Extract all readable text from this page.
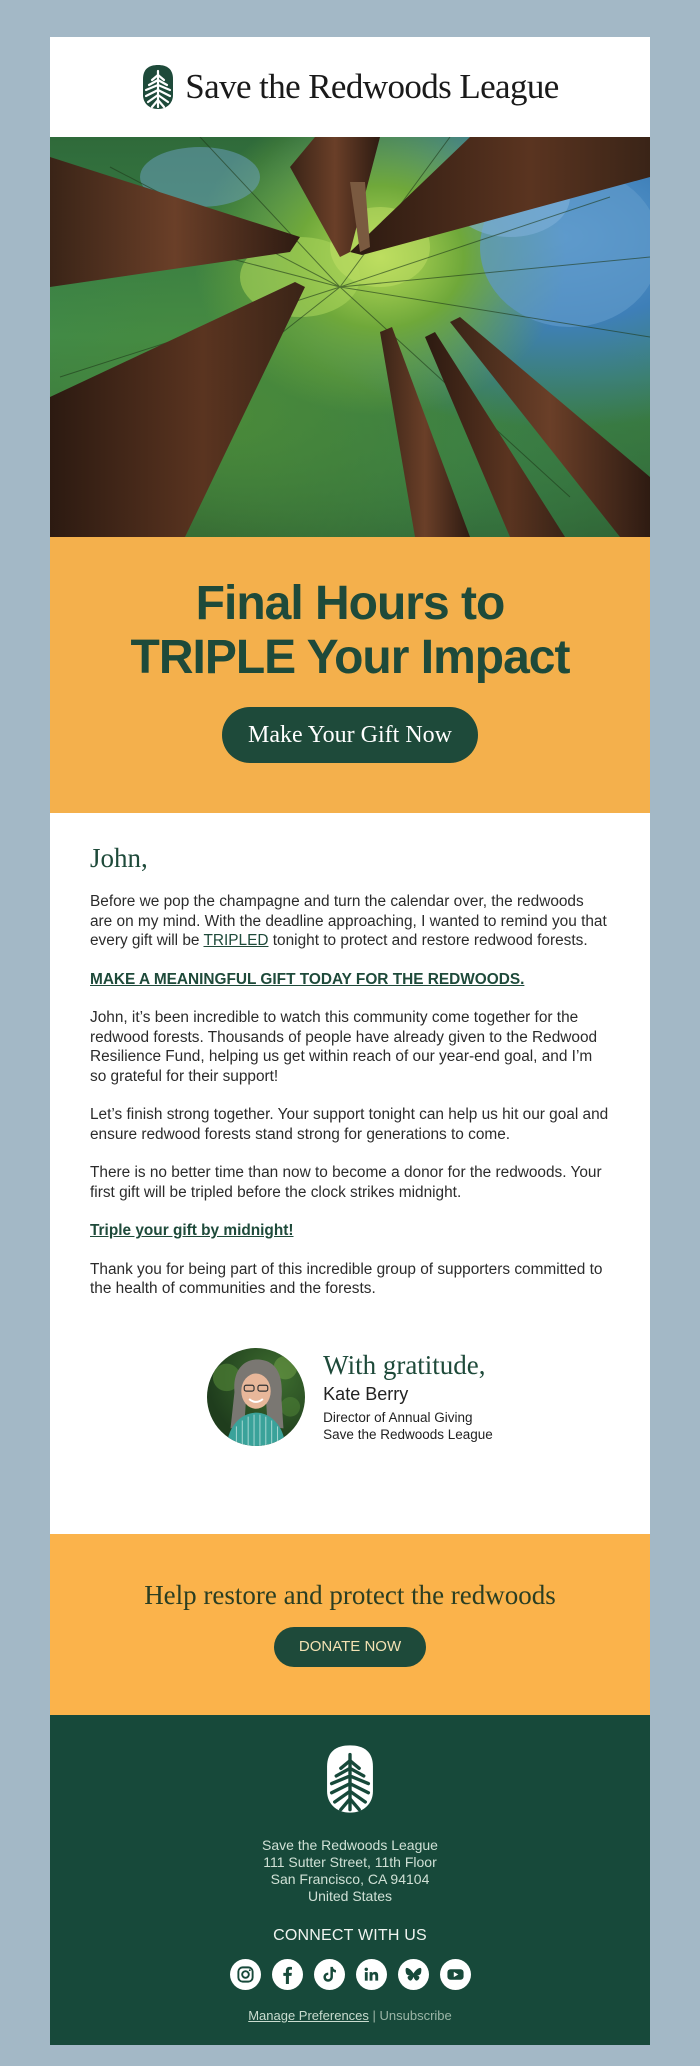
Save the Redwoods League
Final Hours to
TRIPLE Your Impact
Make Your Gift Now
John,

Before we pop the champagne and turn the calendar over, the redwoods are on my mind. With the deadline approaching, I wanted to remind you that every gift will be TRIPLED tonight to protect and restore redwood forests.

MAKE A MEANINGFUL GIFT TODAY FOR THE REDWOODS.

John, it’s been incredible to watch this community come together for the redwood forests. Thousands of people have already given to the Redwood Resilience Fund, helping us get within reach of our year-end goal, and I’m so grateful for their support!

Let’s finish strong together. Your support tonight can help us hit our goal and ensure redwood forests stand strong for generations to come.

There is no better time than now to become a donor for the redwoods. Your first gift will be tripled before the clock strikes midnight.

Triple your gift by midnight!

Thank you for being part of this incredible group of supporters committed to the health of communities and the forests.

With gratitude,
Kate Berry
Director of Annual Giving
Save the Redwoods League
Help restore and protect the redwoods
DONATE NOW
Save the Redwoods League
111 Sutter Street, 11th Floor
San Francisco, CA 94104
United States
CONNECT WITH US
Manage Preferences | Unsubscribe
